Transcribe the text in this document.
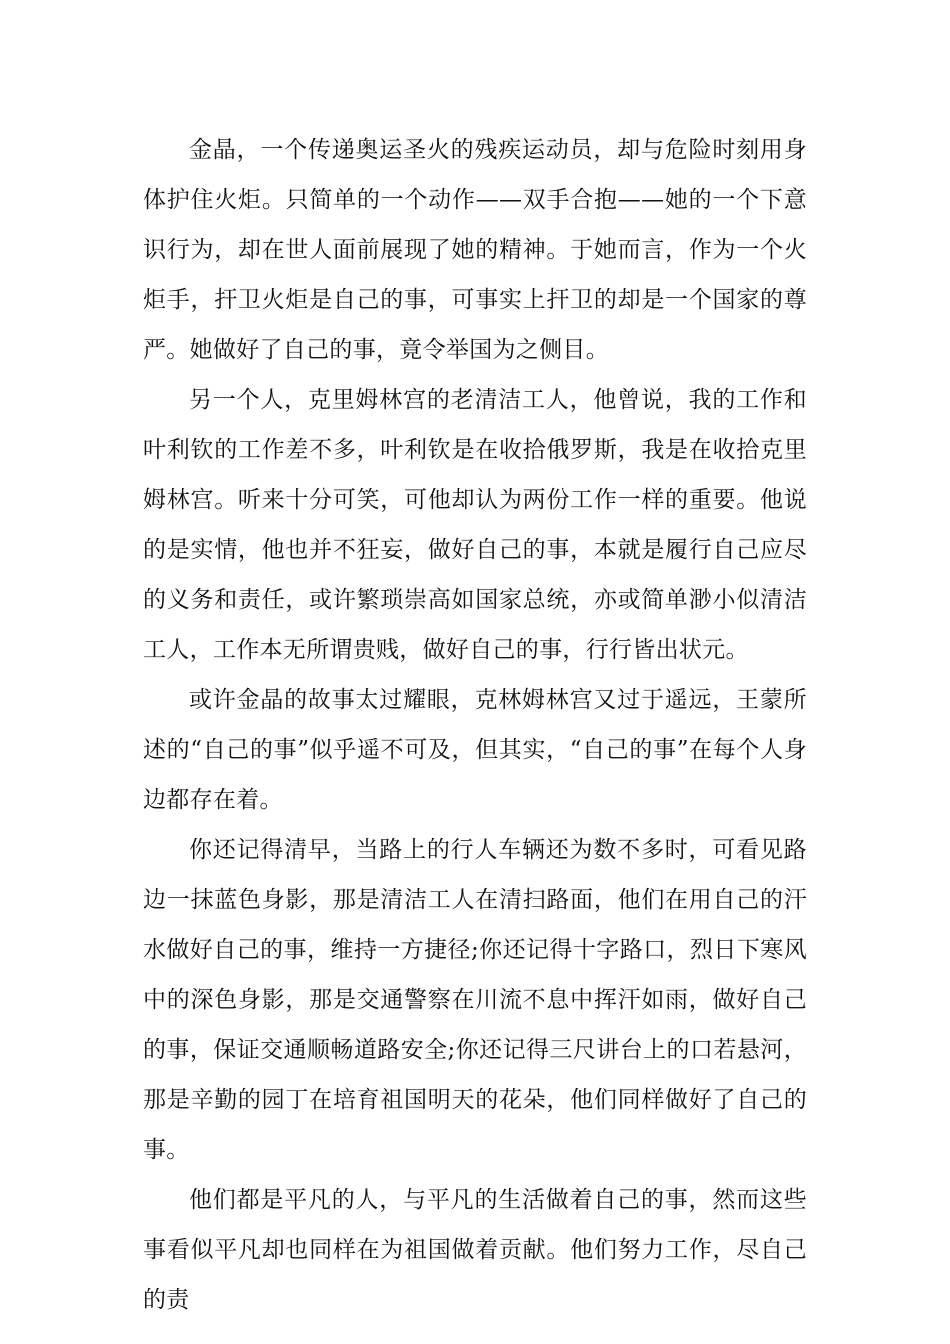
金晶，一个传递奥运圣火的残疾运动员，却与危险时刻用身体护住火炬。只简单的一个动作——双手合抱——她的一个下意识行为，却在世人面前展现了她的精神。于她而言，作为一个火炬手，扞卫火炬是自己的事，可事实上扞卫的却是一个国家的尊严。她做好了自己的事，竟令举国为之侧目。

另一个人，克里姆林宫的老清洁工人，他曾说，我的工作和叶利钦的工作差不多，叶利钦是在收拾俄罗斯，我是在收拾克里姆林宫。听来十分可笑，可他却认为两份工作一样的重要。他说的是实情，他也并不狂妄，做好自己的事，本就是履行自己应尽的义务和责任，或许繁琐崇高如国家总统，亦或简单渺小似清洁工人，工作本无所谓贵贱，做好自己的事，行行皆出状元。

或许金晶的故事太过耀眼，克林姆林宫又过于遥远，王蒙所述的“自己的事”似乎遥不可及，但其实，“自己的事”在每个人身边都存在着。

你还记得清早，当路上的行人车辆还为数不多时，可看见路边一抹蓝色身影，那是清洁工人在清扫路面，他们在用自己的汗水做好自己的事，维持一方捷径;你还记得十字路口，烈日下寒风中的深色身影，那是交通警察在川流不息中挥汗如雨，做好自己的事，保证交通顺畅道路安全;你还记得三尺讲台上的口若悬河，那是辛勤的园丁在培育祖国明天的花朵，他们同样做好了自己的事。

他们都是平凡的人，与平凡的生活做着自己的事，然而这些事看似平凡却也同样在为祖国做着贡献。他们努力工作，尽自己的责
